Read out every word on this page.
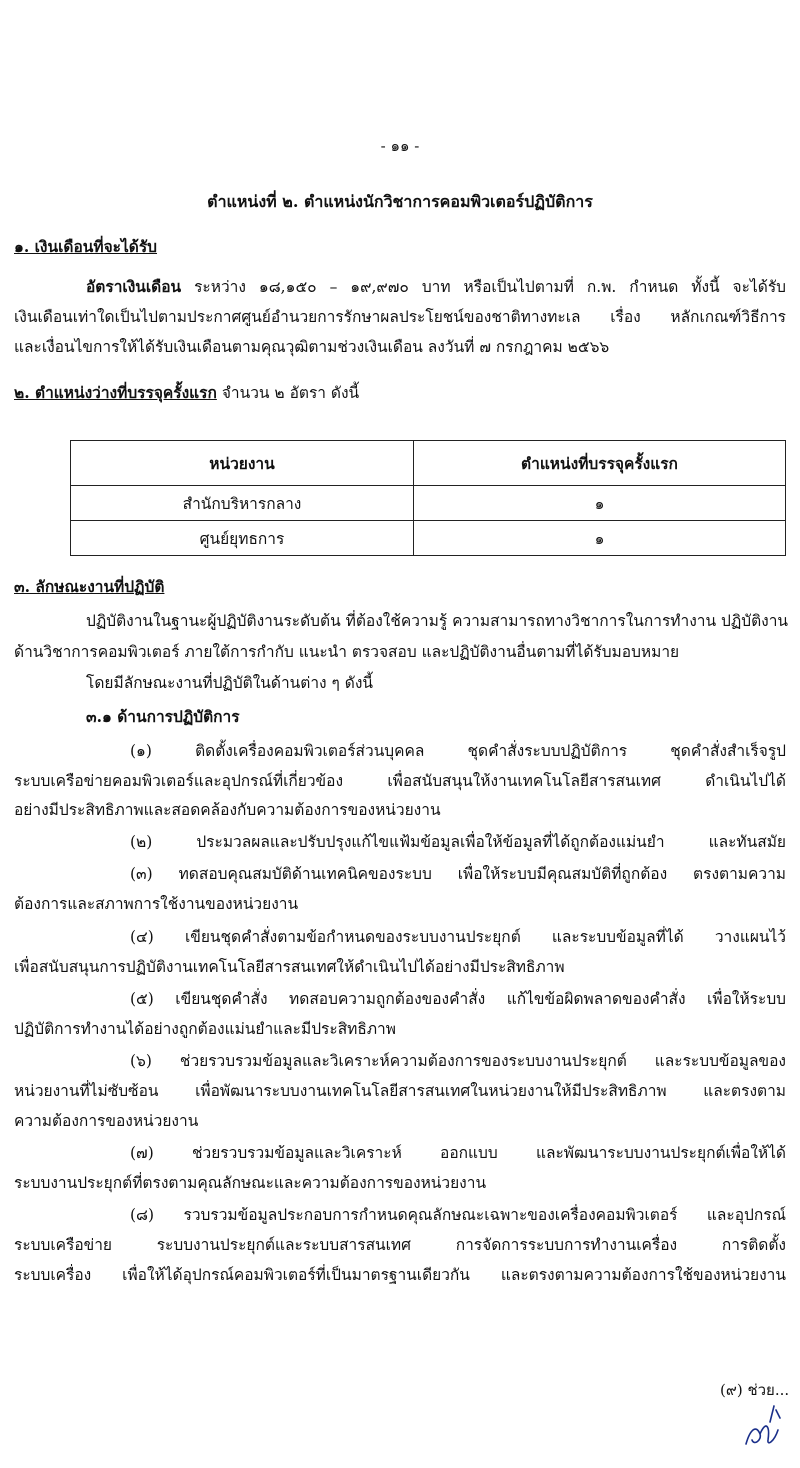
- ๑๑ -
ตำแหน่งที่ ๒. ตำแหน่งนักวิชาการคอมพิวเตอร์ปฏิบัติการ
๑. เงินเดือนที่จะได้รับ
อัตราเงินเดือน ระหว่าง ๑๘,๑๕๐ – ๑๙,๙๗๐ บาท หรือเป็นไปตามที่ ก.พ. กำหนด ทั้งนี้ จะได้รับ
เงินเดือนเท่าใดเป็นไปตามประกาศศูนย์อำนวยการรักษาผลประโยชน์ของชาติทางทะเล เรื่อง หลักเกณฑ์วิธีการ
และเงื่อนไขการให้ได้รับเงินเดือนตามคุณวุฒิตามช่วงเงินเดือน ลงวันที่ ๗ กรกฎาคม ๒๕๖๖
๒. ตำแหน่งว่างที่บรรจุครั้งแรก จำนวน ๒ อัตรา ดังนี้
หน่วยงาน	ตำแหน่งที่บรรจุครั้งแรก
สำนักบริหารกลาง	๑
ศูนย์ยุทธการ	๑
๓. ลักษณะงานที่ปฏิบัติ
ปฏิบัติงานในฐานะผู้ปฏิบัติงานระดับต้น ที่ต้องใช้ความรู้ ความสามารถทางวิชาการในการทำงาน ปฏิบัติงาน
ด้านวิชาการคอมพิวเตอร์ ภายใต้การกำกับ แนะนำ ตรวจสอบ และปฏิบัติงานอื่นตามที่ได้รับมอบหมาย
โดยมีลักษณะงานที่ปฏิบัติในด้านต่าง ๆ ดังนี้
๓.๑ ด้านการปฏิบัติการ
(๑) ติดตั้งเครื่องคอมพิวเตอร์ส่วนบุคคล ชุดคำสั่งระบบปฏิบัติการ ชุดคำสั่งสำเร็จรูป
ระบบเครือข่ายคอมพิวเตอร์และอุปกรณ์ที่เกี่ยวข้อง เพื่อสนับสนุนให้งานเทคโนโลยีสารสนเทศ ดำเนินไปได้
อย่างมีประสิทธิภาพและสอดคล้องกับความต้องการของหน่วยงาน
(๒) ประมวลผลและปรับปรุงแก้ไขแฟ้มข้อมูลเพื่อให้ข้อมูลที่ได้ถูกต้องแม่นยำ และทันสมัย
(๓) ทดสอบคุณสมบัติด้านเทคนิคของระบบ เพื่อให้ระบบมีคุณสมบัติที่ถูกต้อง ตรงตามความ
ต้องการและสภาพการใช้งานของหน่วยงาน
(๔) เขียนชุดคำสั่งตามข้อกำหนดของระบบงานประยุกต์ และระบบข้อมูลที่ได้ วางแผนไว้
เพื่อสนับสนุนการปฏิบัติงานเทคโนโลยีสารสนเทศให้ดำเนินไปได้อย่างมีประสิทธิภาพ
(๕) เขียนชุดคำสั่ง ทดสอบความถูกต้องของคำสั่ง แก้ไขข้อผิดพลาดของคำสั่ง เพื่อให้ระบบ
ปฏิบัติการทำงานได้อย่างถูกต้องแม่นยำและมีประสิทธิภาพ
(๖) ช่วยรวบรวมข้อมูลและวิเคราะห์ความต้องการของระบบงานประยุกต์ และระบบข้อมูลของ
หน่วยงานที่ไม่ซับซ้อน เพื่อพัฒนาระบบงานเทคโนโลยีสารสนเทศในหน่วยงานให้มีประสิทธิภาพ และตรงตาม
ความต้องการของหน่วยงาน
(๗) ช่วยรวบรวมข้อมูลและวิเคราะห์ ออกแบบ และพัฒนาระบบงานประยุกต์เพื่อให้ได้
ระบบงานประยุกต์ที่ตรงตามคุณลักษณะและความต้องการของหน่วยงาน
(๘) รวบรวมข้อมูลประกอบการกำหนดคุณลักษณะเฉพาะของเครื่องคอมพิวเตอร์ และอุปกรณ์
ระบบเครือข่าย ระบบงานประยุกต์และระบบสารสนเทศ การจัดการระบบการทำงานเครื่อง การติดตั้ง
ระบบเครื่อง เพื่อให้ได้อุปกรณ์คอมพิวเตอร์ที่เป็นมาตรฐานเดียวกัน และตรงตามความต้องการใช้ของหน่วยงาน
(๙) ช่วย...
